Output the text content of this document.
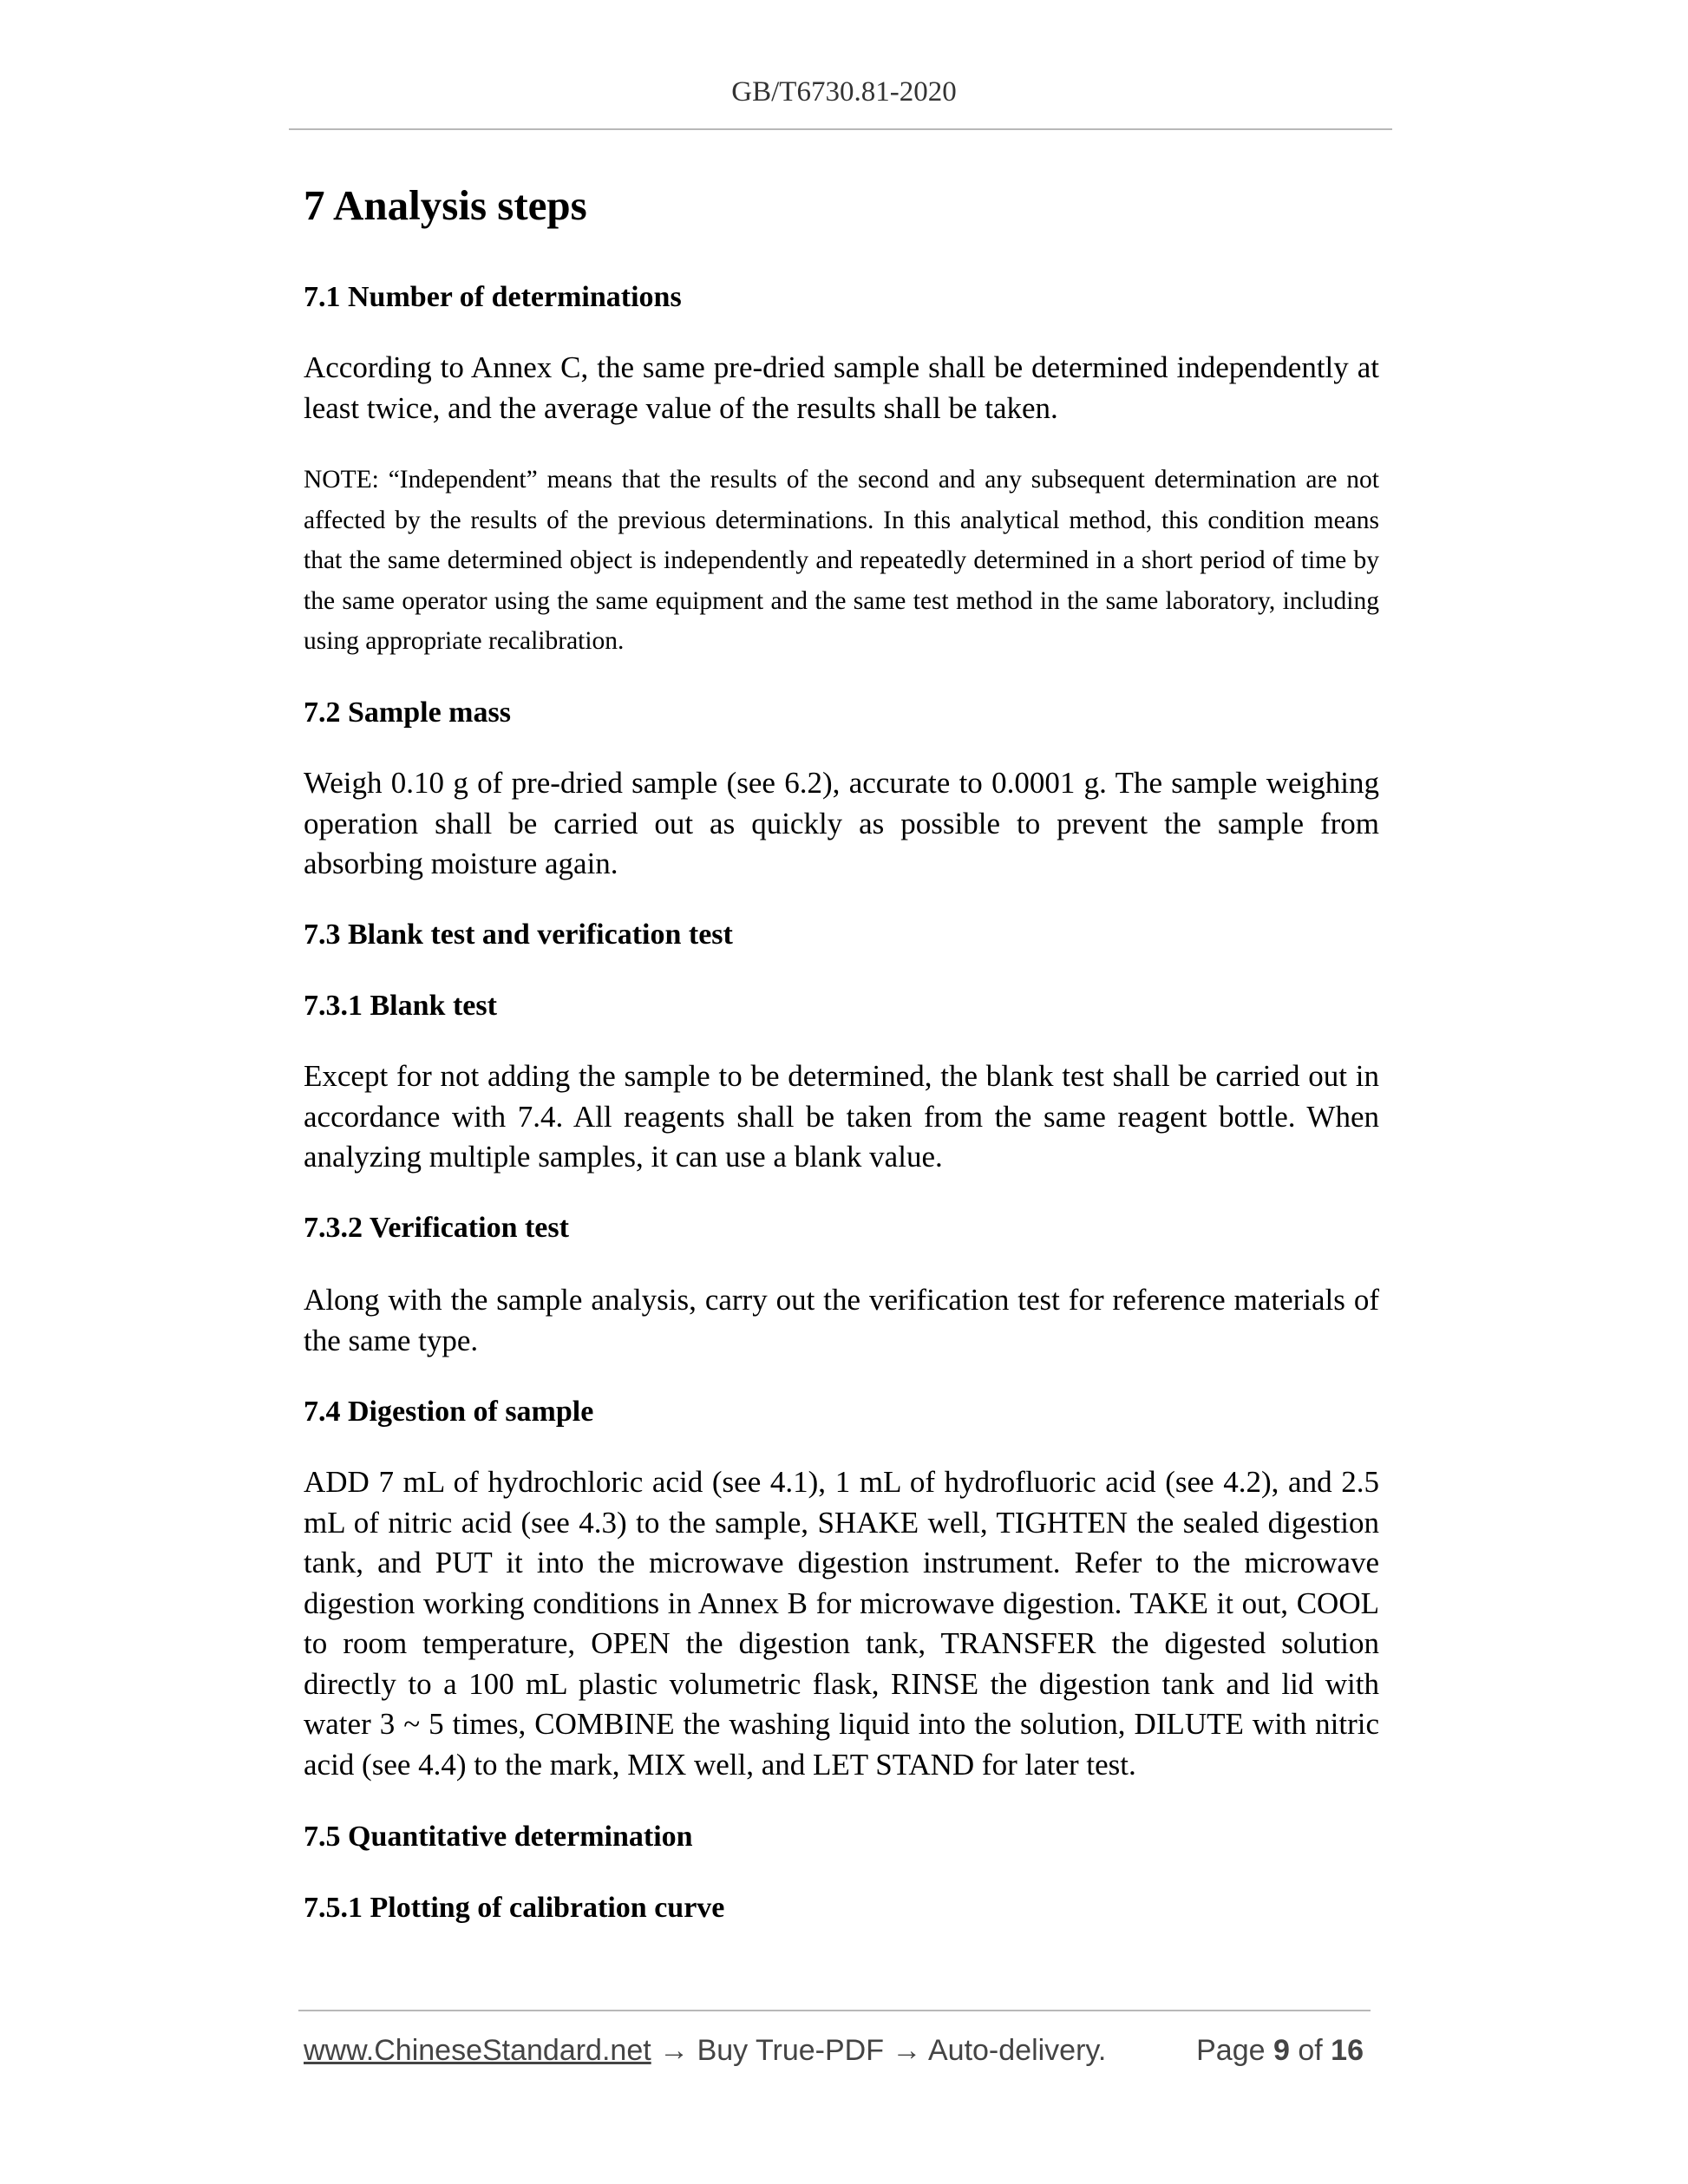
GB/T6730.81-2020
7 Analysis steps
7.1 Number of determinations
According to Annex C, the same pre-dried sample shall be determined independently at least twice, and the average value of the results shall be taken.
NOTE: “Independent” means that the results of the second and any subsequent determination are not affected by the results of the previous determinations. In this analytical method, this condition means that the same determined object is independently and repeatedly determined in a short period of time by the same operator using the same equipment and the same test method in the same laboratory, including using appropriate recalibration.
7.2 Sample mass
Weigh 0.10 g of pre-dried sample (see 6.2), accurate to 0.0001 g. The sample weighing operation shall be carried out as quickly as possible to prevent the sample from absorbing moisture again.
7.3 Blank test and verification test
7.3.1 Blank test
Except for not adding the sample to be determined, the blank test shall be carried out in accordance with 7.4. All reagents shall be taken from the same reagent bottle. When analyzing multiple samples, it can use a blank value.
7.3.2 Verification test
Along with the sample analysis, carry out the verification test for reference materials of the same type.
7.4 Digestion of sample
ADD 7 mL of hydrochloric acid (see 4.1), 1 mL of hydrofluoric acid (see 4.2), and 2.5 mL of nitric acid (see 4.3) to the sample, SHAKE well, TIGHTEN the sealed digestion tank, and PUT it into the microwave digestion instrument. Refer to the microwave digestion working conditions in Annex B for microwave digestion. TAKE it out, COOL to room temperature, OPEN the digestion tank, TRANSFER the digested solution directly to a 100 mL plastic volumetric flask, RINSE the digestion tank and lid with water 3 ~ 5 times, COMBINE the washing liquid into the solution, DILUTE with nitric acid (see 4.4) to the mark, MIX well, and LET STAND for later test.
7.5 Quantitative determination
7.5.1 Plotting of calibration curve
www.ChineseStandard.net → Buy True-PDF → Auto-delivery.	Page 9 of 16
